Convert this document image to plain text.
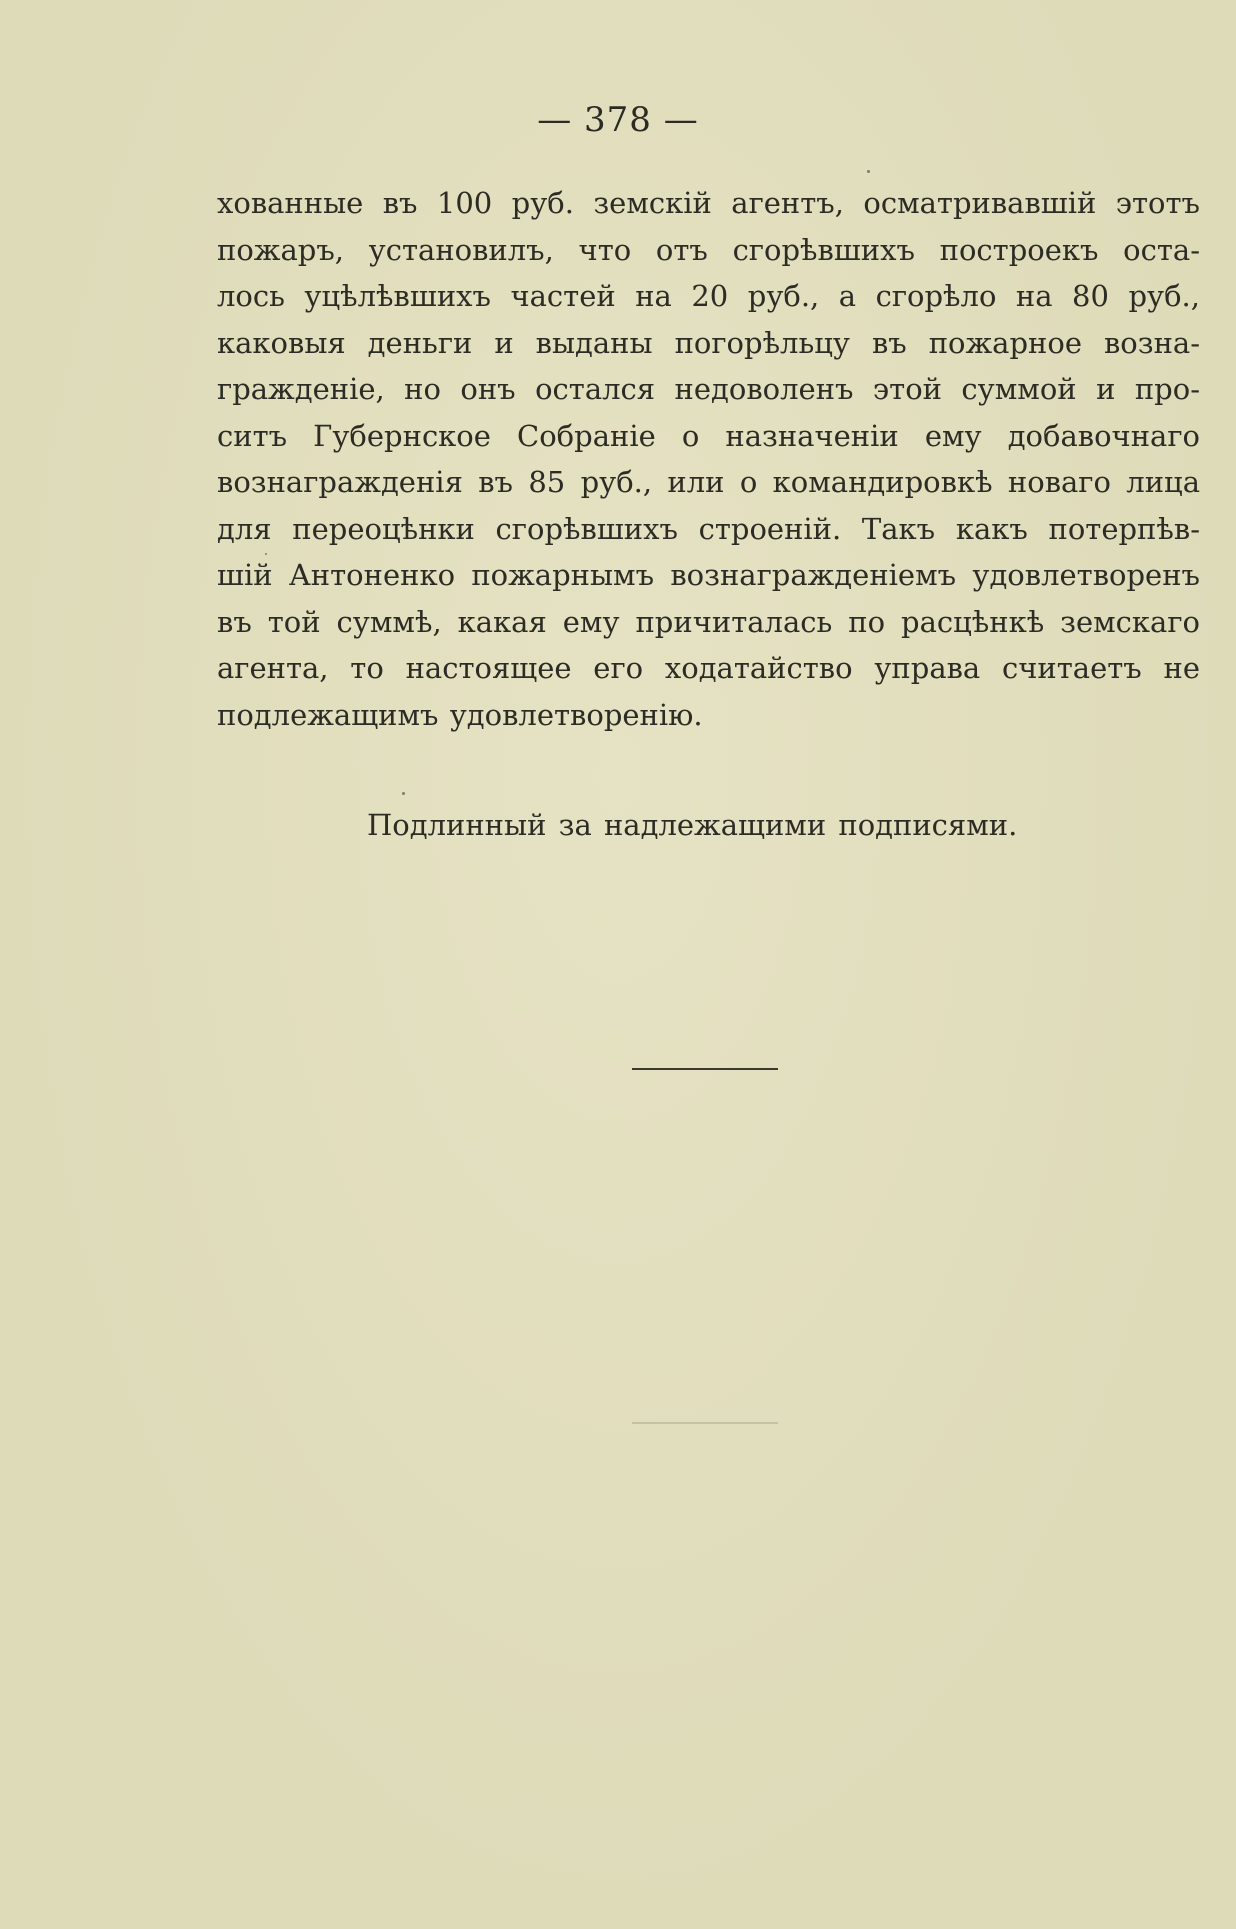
— 378 —
хованные въ 100 руб. земскій агентъ, осматривавшій этотъ
пожаръ, установилъ, что отъ сгорѣвшихъ построекъ оста-
лось уцѣлѣвшихъ частей на 20 руб., а сгорѣло на 80 руб.,
каковыя деньги и выданы погорѣльцу въ пожарное возна-
гражденіе, но онъ остался недоволенъ этой суммой и про-
ситъ Губернское Собраніе о назначеніи ему добавочнаго
вознагражденія въ 85 руб., или о командировкѣ новаго лица
для переоцѣнки сгорѣвшихъ строеній. Такъ какъ потерпѣв-
шій Антоненко пожарнымъ вознагражденіемъ удовлетворенъ
въ той суммѣ, какая ему причиталась по расцѣнкѣ земскаго
агента, то настоящее его ходатайство управа считаетъ не
подлежащимъ удовлетворенію.
Подлинный за надлежащими подписями.
